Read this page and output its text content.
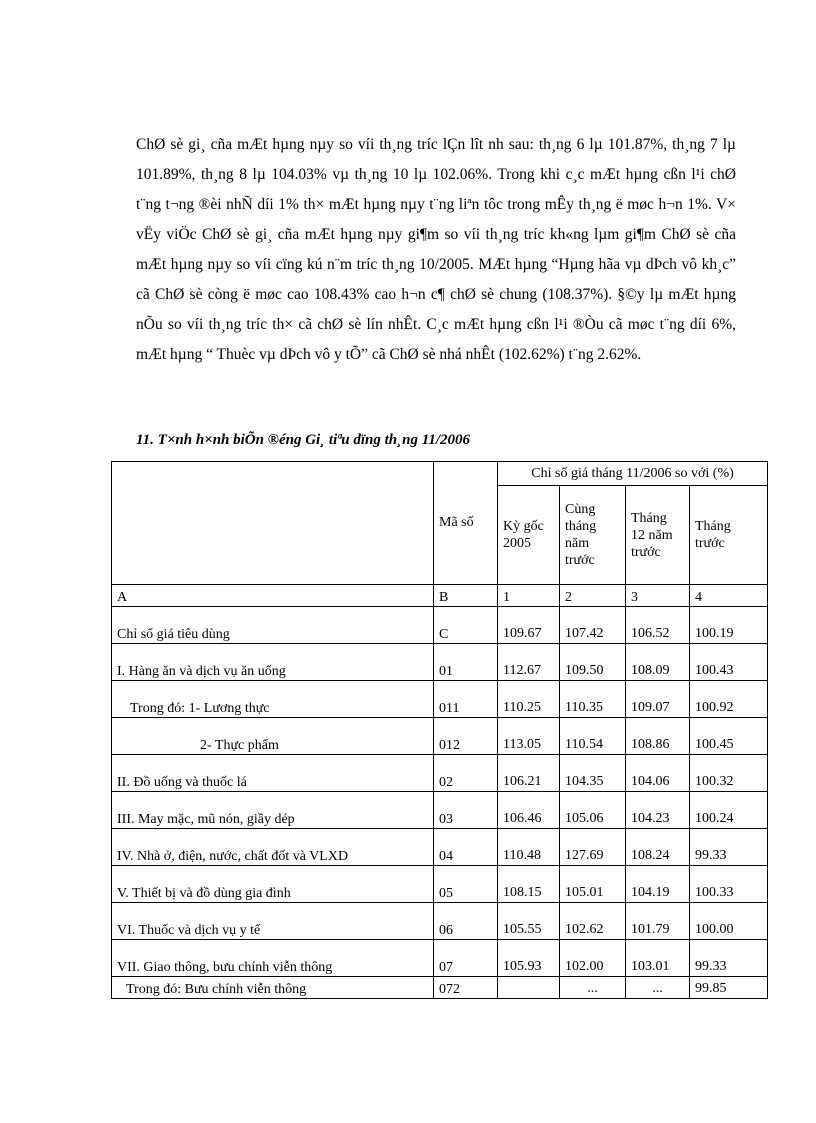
ChØ sè gi¸ cña mÆt hµng nµy so víi th¸ng tríc lÇn lît nh sau: th¸ng 6 lµ 101.87%, th¸ng 7 lµ 101.89%, th¸ng 8 lµ 104.03% vµ th¸ng 10 lµ 102.06%. Trong khi c¸c mÆt hµng cßn l¹i chØ t¨ng t¬ng ®èi nhÑ díi 1% th× mÆt hµng nµy t¨ng liªn tôc trong mÊy th¸ng ë møc h¬n 1%. V× vËy viÖc ChØ sè gi¸ cña mÆt hµng nµy gi¶m so víi th¸ng tríc kh«ng lµm gi¶m ChØ sè cña mÆt hµng nµy so víi cïng kú n¨m tríc th¸ng 10/2005. MÆt hµng “Hµng hãa vµ dÞch vô kh¸c” cã ChØ sè còng ë møc cao 108.43% cao h¬n c¶ chØ sè chung (108.37%). §©y lµ mÆt hµng nÕu so víi th¸ng tríc th× cã chØ sè lín nhÊt. C¸c mÆt hµng cßn l¹i ®Òu cã møc t¨ng díi 6%, mÆt hµng “ Thuèc vµ dÞch vô y tÕ” cã ChØ sè nhá nhÊt (102.62%) t¨ng 2.62%.

11. T×nh h×nh biÕn ®éng Gi¸ tiªu dïng th¸ng 11/2006
	Mã số	Chỉ số giá tháng 11/2006 so với (%)			
		Kỳ gốc 2005	Cùng tháng năm trước	Tháng 12 năm trước	Tháng trước
A	B	1	2	3	4
Chỉ số giá tiêu dùng	C	109.67	107.42	106.52	100.19
I. Hàng ăn và dịch vụ ăn uống	01	112.67	109.50	108.09	100.43
Trong đó: 1- Lương thực	011	110.25	110.35	109.07	100.92
2- Thực phẩm	012	113.05	110.54	108.86	100.45
II. Đồ uống và thuốc lá	02	106.21	104.35	104.06	100.32
III. May mặc, mũ nón, giầy dép	03	106.46	105.06	104.23	100.24
IV. Nhà ở, điện, nước, chất đốt và VLXD	04	110.48	127.69	108.24	99.33
V. Thiết bị và đồ dùng gia đình	05	108.15	105.01	104.19	100.33
VI. Thuốc và dịch vụ y tế	06	105.55	102.62	101.79	100.00
VII. Giao thông, bưu chính viễn thông	07	105.93	102.00	103.01	99.33
Trong đó: Bưu chính viễn thông	072		...	...	99.85
